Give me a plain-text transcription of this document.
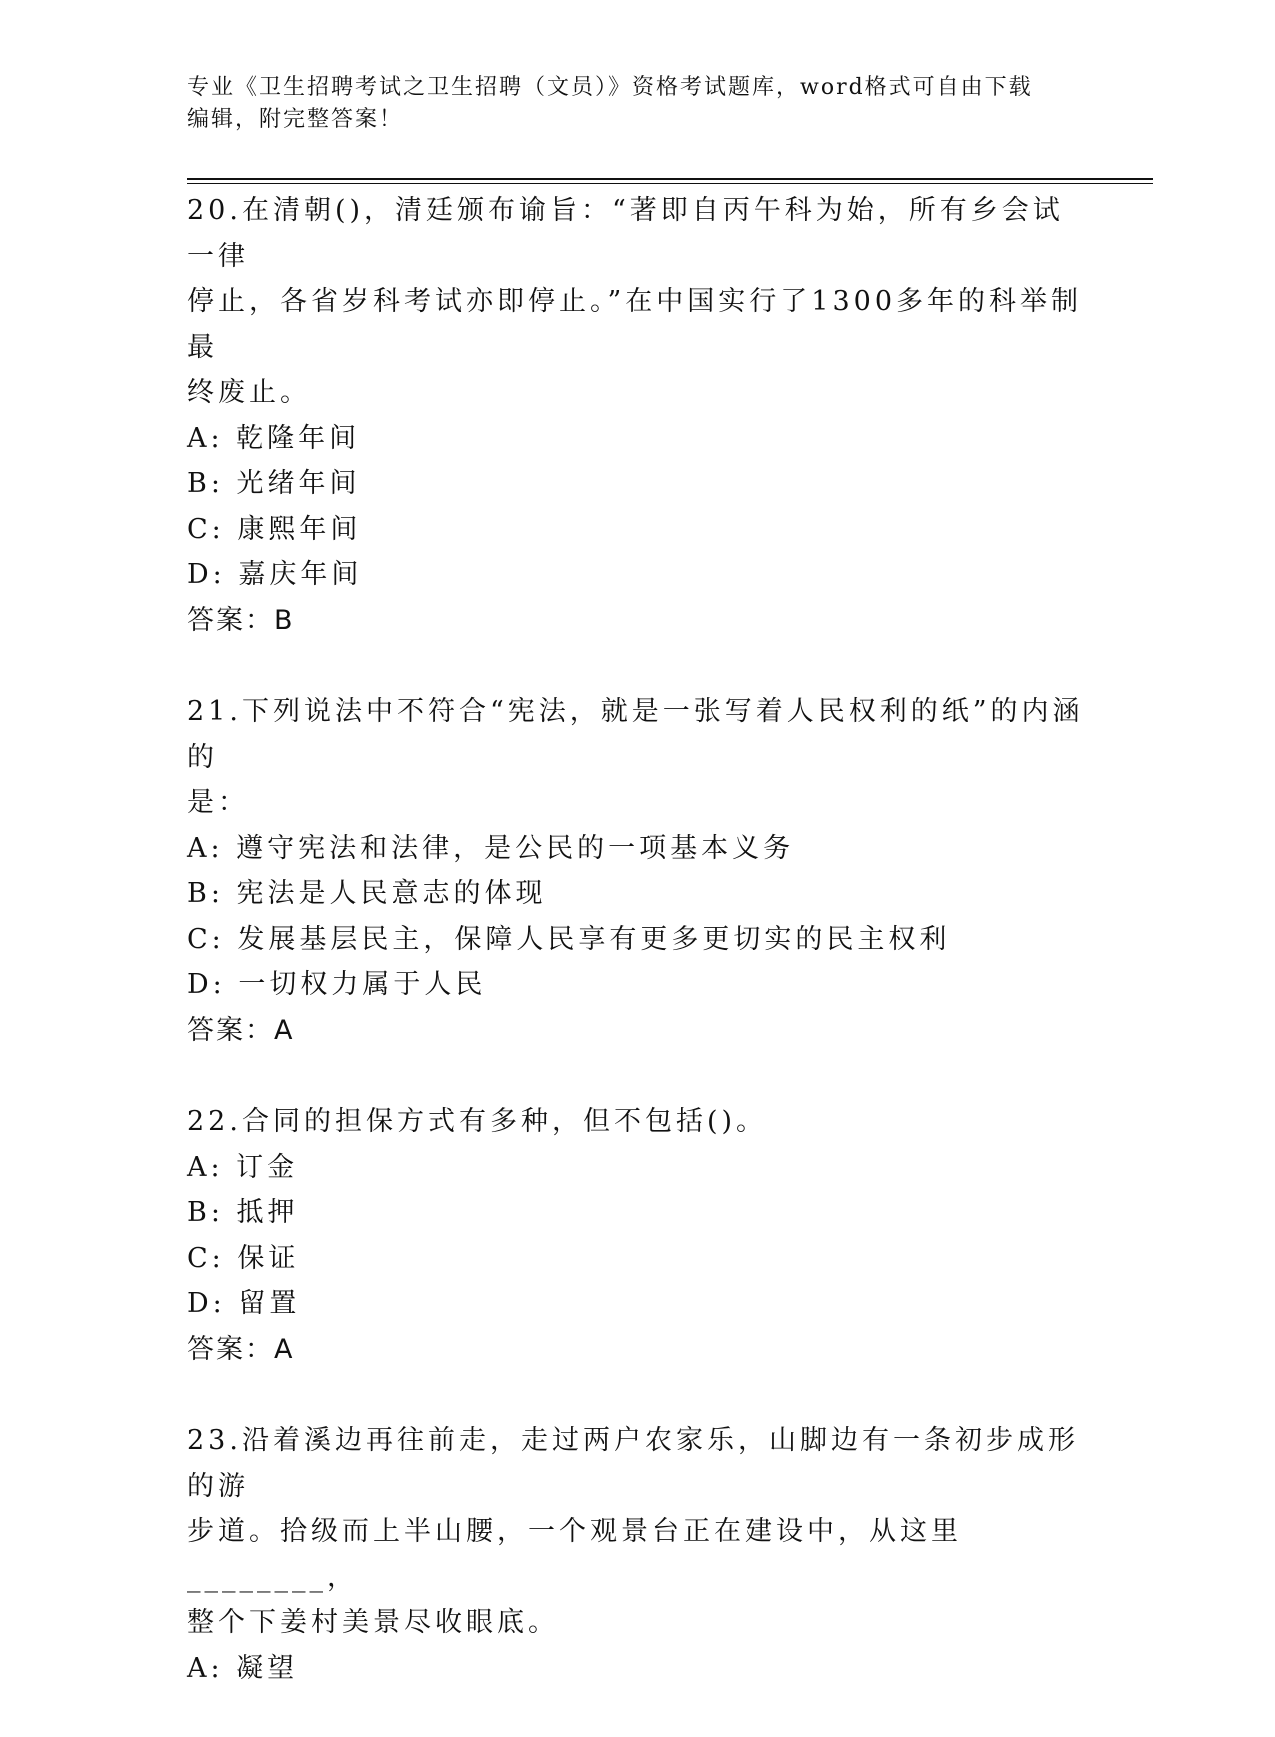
专业《卫生招聘考试之卫生招聘（文员）》资格考试题库，word格式可自由下载
编辑，附完整答案！
20.在清朝()，清廷颁布谕旨：“著即自丙午科为始，所有乡会试一律
停止，各省岁科考试亦即停止。”在中国实行了1300多年的科举制最
终废止。
A: 乾隆年间
B: 光绪年间
C: 康熙年间
D: 嘉庆年间
答案：B
21.下列说法中不符合“宪法，就是一张写着人民权利的纸”的内涵的
是：
A: 遵守宪法和法律，是公民的一项基本义务
B: 宪法是人民意志的体现
C: 发展基层民主，保障人民享有更多更切实的民主权利
D: 一切权力属于人民
答案：A
22.合同的担保方式有多种，但不包括()。
A: 订金
B: 抵押
C: 保证
D: 留置
答案：A
23.沿着溪边再往前走，走过两户农家乐，山脚边有一条初步成形的游
步道。拾级而上半山腰，一个观景台正在建设中，从这里________，
整个下姜村美景尽收眼底。
A: 凝望
